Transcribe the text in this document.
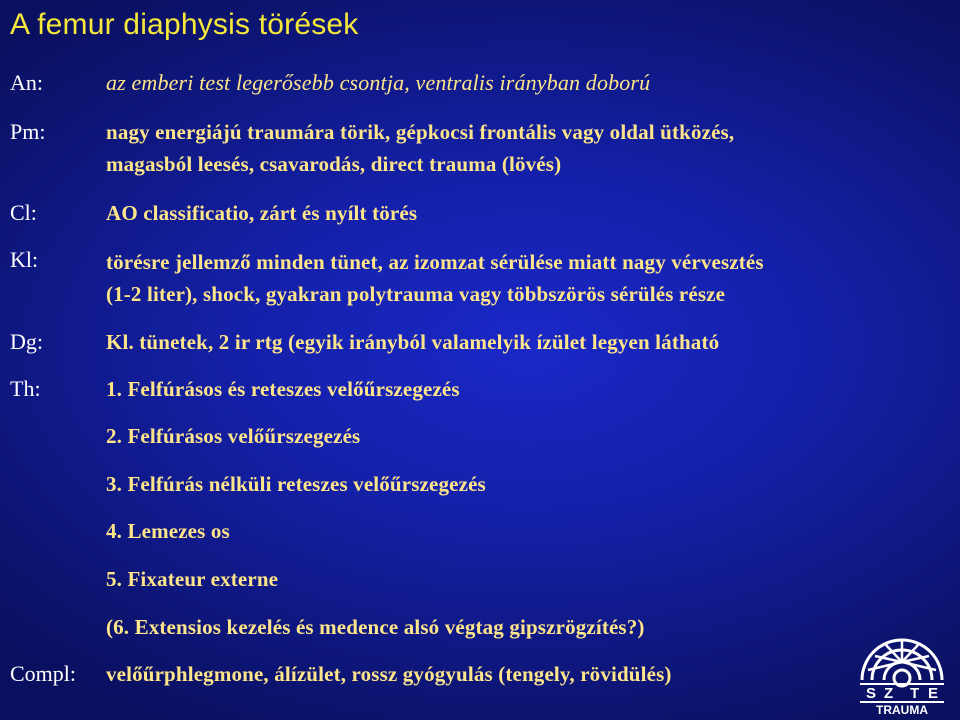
A femur diaphysis törések
An:	az emberi test legerősebb csontja, ventralis irányban doború
Pm:	nagy energiájú traumára törik, gépkocsi frontális vagy oldal ütközés,
magasból leesés, csavarodás, direct trauma (lövés)
Cl:	AO classificatio, zárt és nyílt törés
Kl:	törésre jellemző minden tünet, az izomzat sérülése miatt nagy vérvesztés
(1-2 liter), shock, gyakran polytrauma vagy többszörös sérülés része
Dg:	Kl. tünetek, 2 ir rtg (egyik irányból valamelyik ízület legyen látható
Th:	1. Felfúrásos és reteszes velőűrszegezés
2. Felfúrásos velőűrszegezés
3. Felfúrás nélküli reteszes velőűrszegezés
4. Lemezes os
5. Fixateur externe
(6. Extensios kezelés és medence alsó végtag gipszrögzítés?)
Compl: velőűrphlegmone, álízület, rossz gyógyulás (tengely, rövidülés)
S Z T E
TRAUMA
